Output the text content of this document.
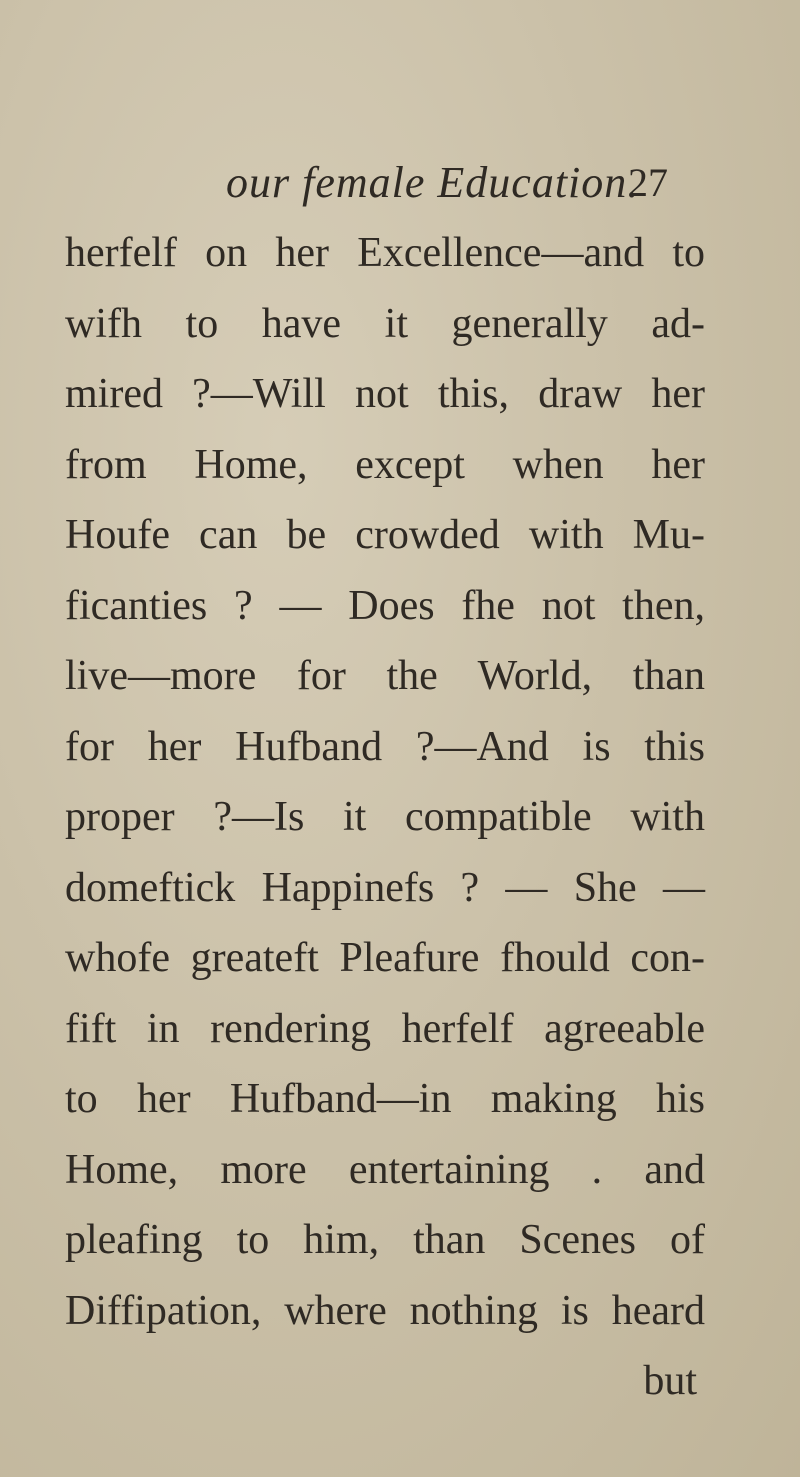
our female Education.
27
herfelf on her Excellence—and to
wifh to have it generally ad-
mired ?—Will not this, draw her
from Home, except when her
Houfe can be crowded with Mu-
ficanties ? — Does fhe not then,
live—more for the World, than
for her Hufband ?—And is this
proper ?—Is it compatible with
domeftick Happinefs ? — She —
whofe greateft Pleafure fhould con-
fift in rendering herfelf agreeable
to her Hufband—in making his
Home, more entertaining . and
pleafing to him, than Scenes of
Diffipation, where nothing is heard
but
